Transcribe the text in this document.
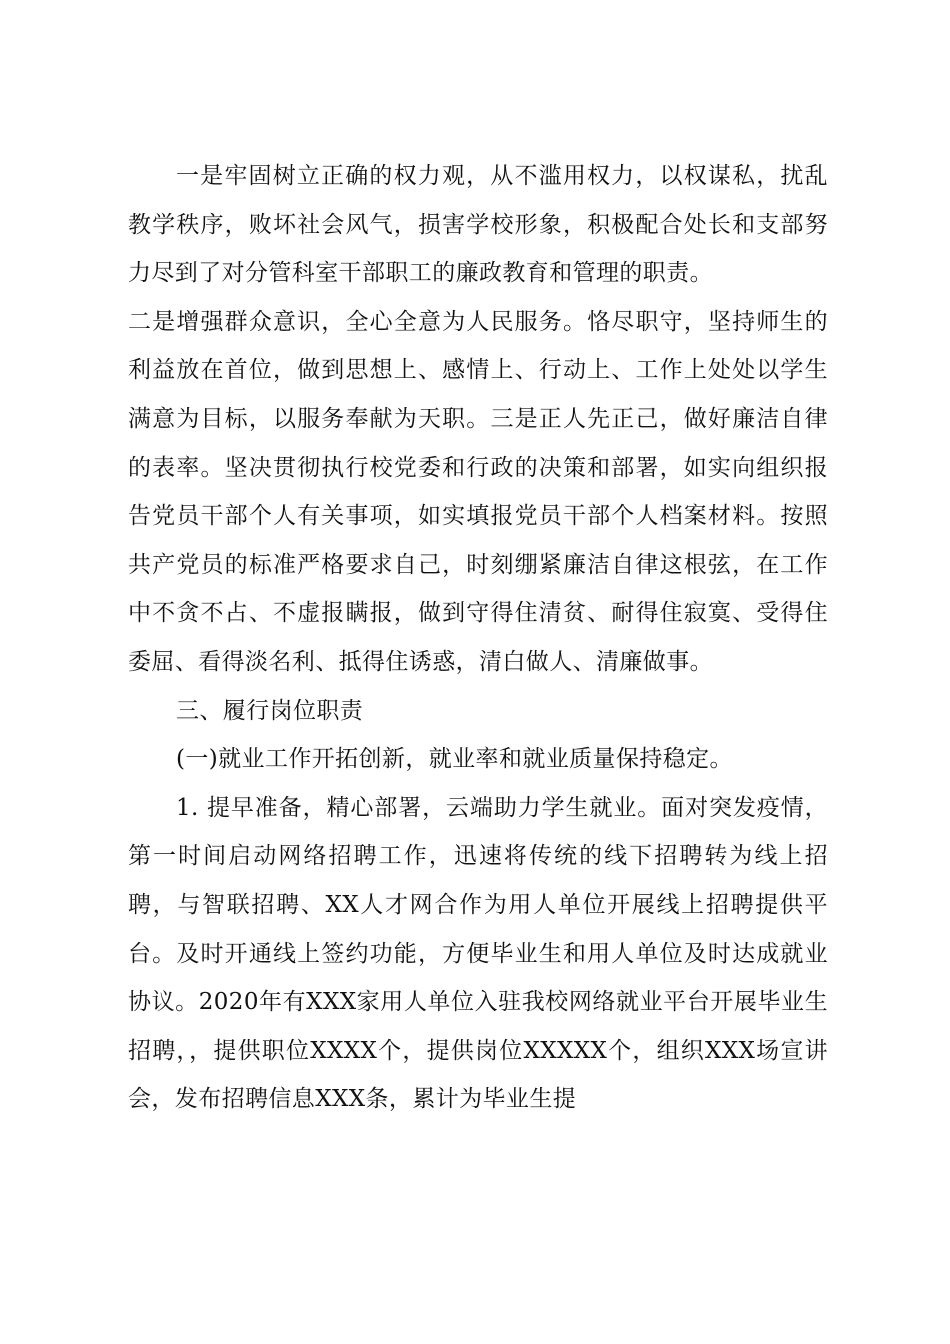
一是牢固树立正确的权力观，从不滥用权力，以权谋私，扰乱教学秩序，败坏社会风气，损害学校形象，积极配合处长和支部努力尽到了对分管科室干部职工的廉政教育和管理的职责。

二是增强群众意识，全心全意为人民服务。恪尽职守，坚持师生的利益放在首位，做到思想上、感情上、行动上、工作上处处以学生满意为目标，以服务奉献为天职。三是正人先正己，做好廉洁自律的表率。坚决贯彻执行校党委和行政的决策和部署，如实向组织报告党员干部个人有关事项，如实填报党员干部个人档案材料。按照共产党员的标准严格要求自己，时刻绷紧廉洁自律这根弦，在工作中不贪不占、不虚报瞒报，做到守得住清贫、耐得住寂寞、受得住委屈、看得淡名利、抵得住诱惑，清白做人、清廉做事。

三、履行岗位职责

(一)就业工作开拓创新，就业率和就业质量保持稳定。

1. 提早准备，精心部署，云端助力学生就业。面对突发疫情，第一时间启动网络招聘工作，迅速将传统的线下招聘转为线上招聘，与智联招聘、XX人才网合作为用人单位开展线上招聘提供平台。及时开通线上签约功能，方便毕业生和用人单位及时达成就业协议。2020年有XXX家用人单位入驻我校网络就业平台开展毕业生招聘，，提供职位XXXX个，提供岗位XXXXX个，组织XXX场宣讲会，发布招聘信息XXX条，累计为毕业生提
